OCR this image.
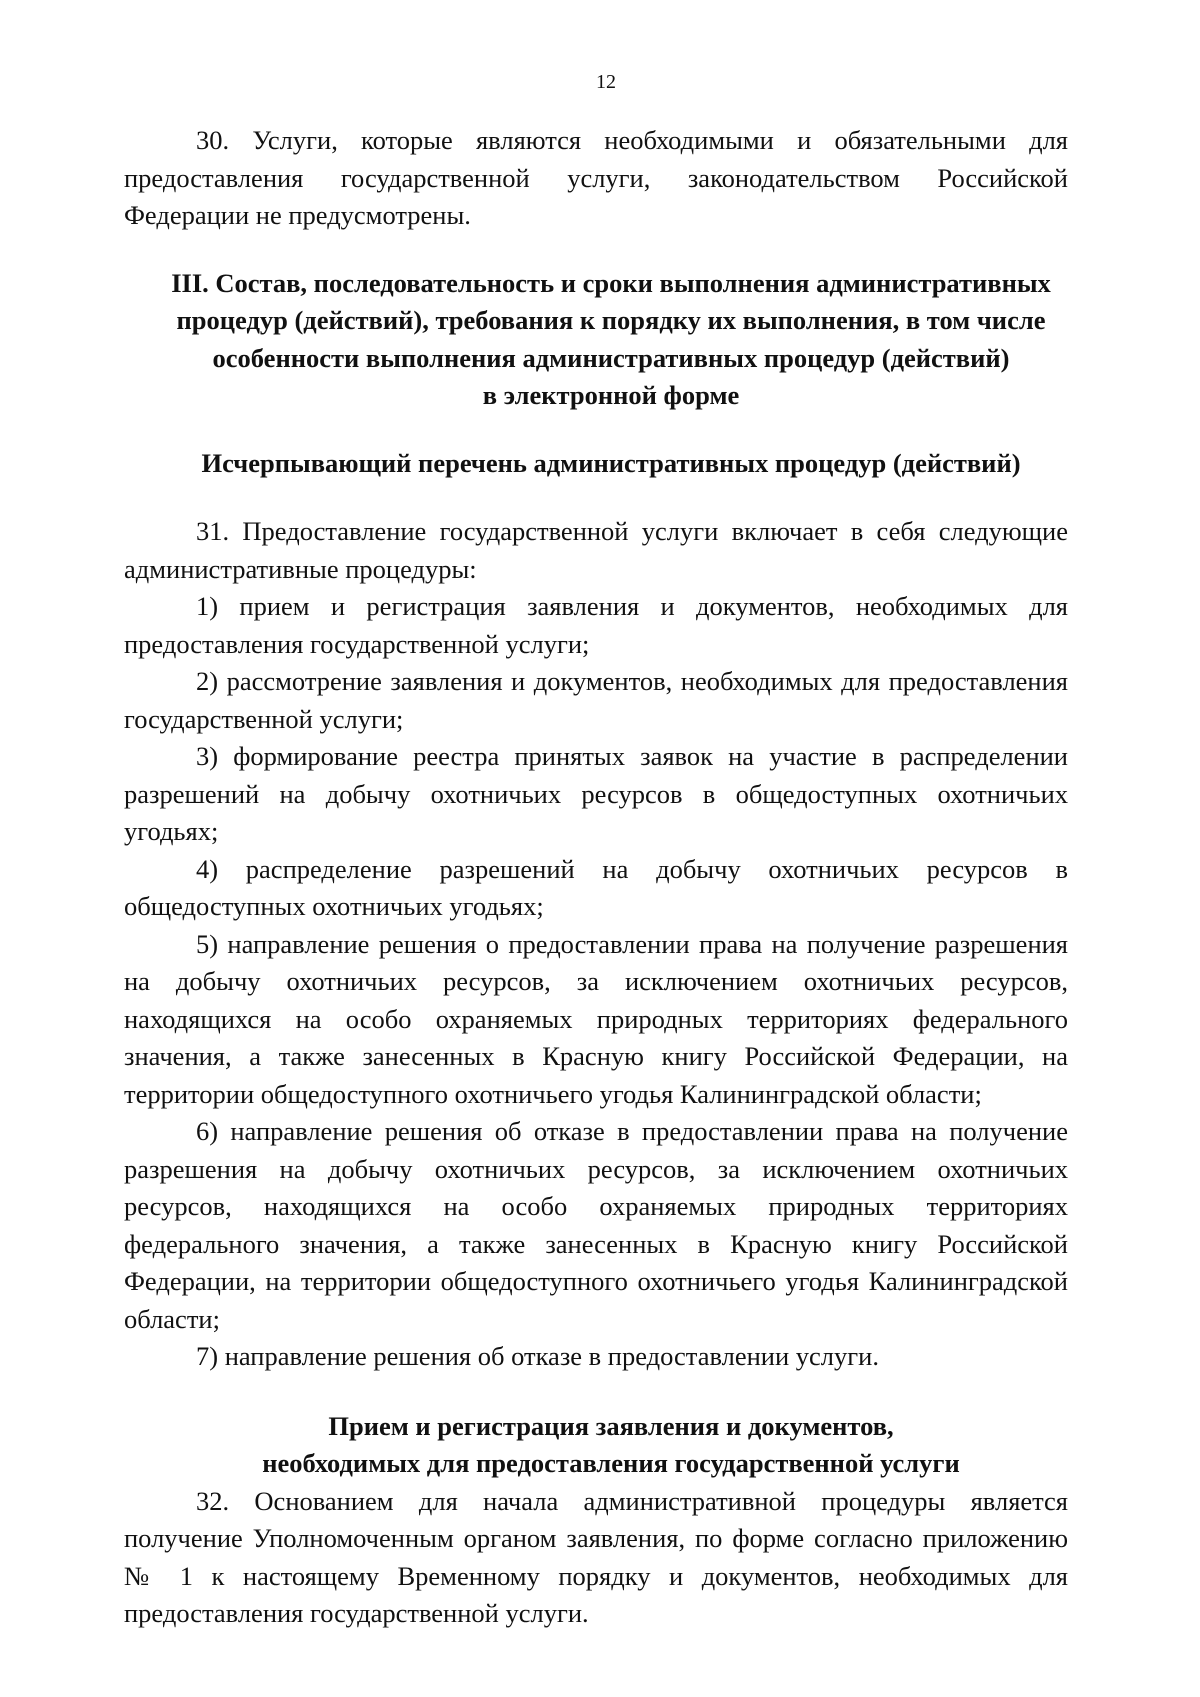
12

30. Услуги, которые являются необходимыми и обязательными для предоставления государственной услуги, законодательством Российской Федерации не предусмотрены.

III. Состав, последовательность и сроки выполнения административных
процедур (действий), требования к порядку их выполнения, в том числе
особенности выполнения административных процедур (действий)
в электронной форме
Исчерпывающий перечень административных процедур (действий)

31. Предоставление государственной услуги включает в себя следующие административные процедуры:

1) прием и регистрация заявления и документов, необходимых для предоставления государственной услуги;

2) рассмотрение заявления и документов, необходимых для предоставления государственной услуги;

3) формирование реестра принятых заявок на участие в распределении разрешений на добычу охотничьих ресурсов в общедоступных охотничьих угодьях;

4) распределение разрешений на добычу охотничьих ресурсов в общедоступных охотничьих угодьях;

5) направление решения о предоставлении права на получение разрешения на добычу охотничьих ресурсов, за исключением охотничьих ресурсов, находящихся на особо охраняемых природных территориях федерального значения, а также занесенных в Красную книгу Российской Федерации, на территории общедоступного охотничьего угодья Калининградской области;

6) направление решения об отказе в предоставлении права на получение разрешения на добычу охотничьих ресурсов, за исключением охотничьих ресурсов, находящихся на особо охраняемых природных территориях федерального значения, а также занесенных в Красную книгу Российской Федерации, на территории общедоступного охотничьего угодья Калининградской области;

7) направление решения об отказе в предоставлении услуги.

Прием и регистрация заявления и документов,
необходимых для предоставления государственной услуги

32. Основанием для начала административной процедуры является получение Уполномоченным органом заявления, по форме согласно приложению № 1 к настоящему Временному порядку и документов, необходимых для предоставления государственной услуги.
